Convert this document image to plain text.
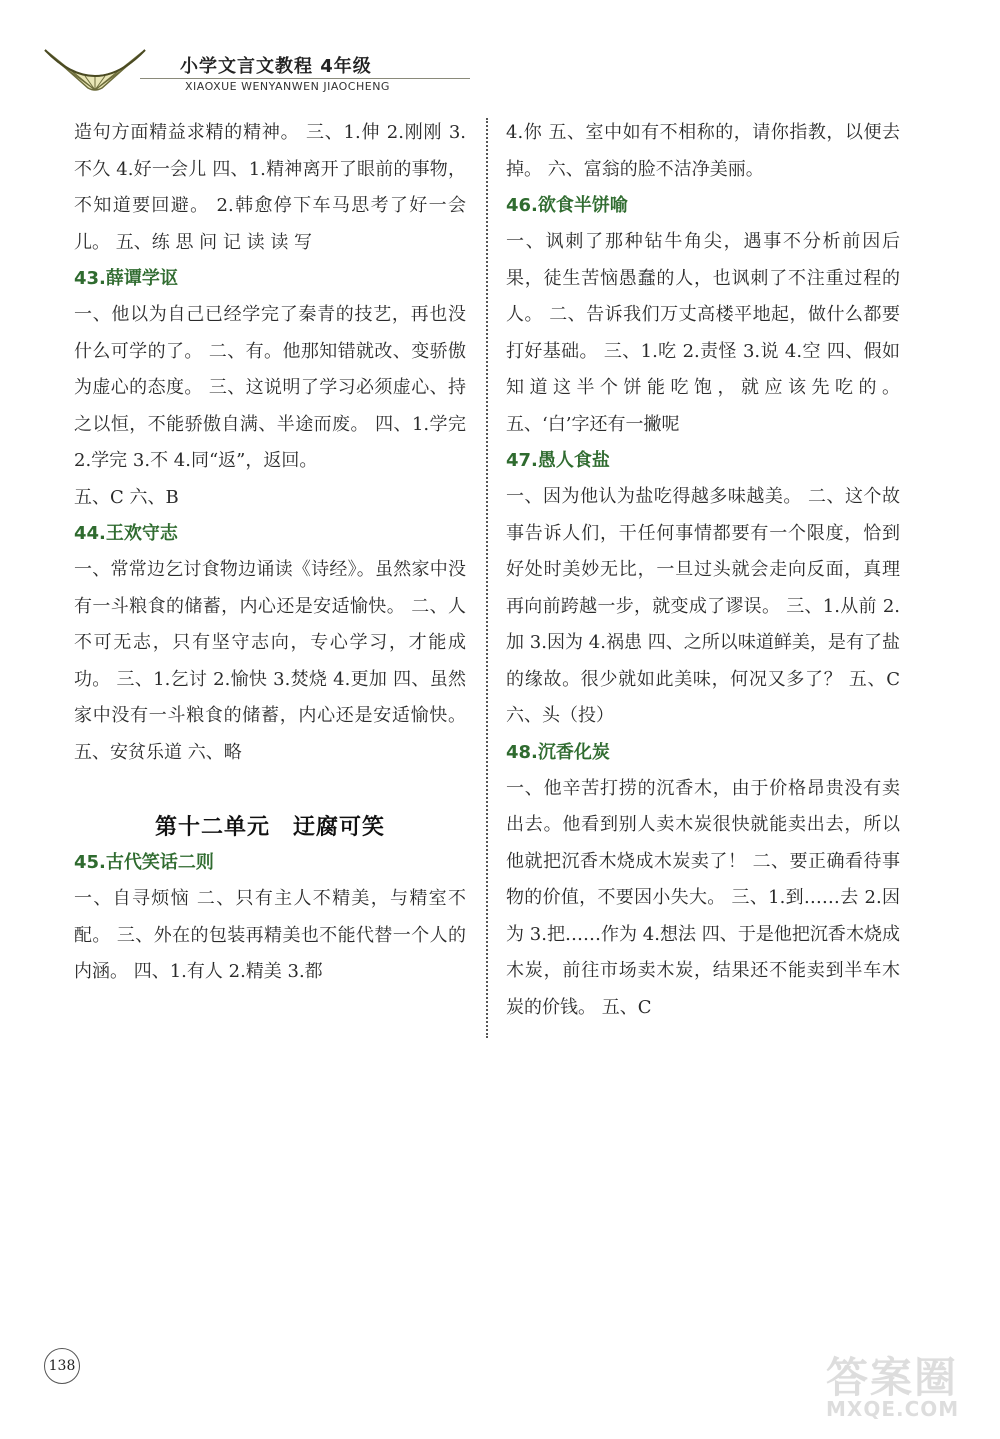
小学文言文教程 4年级
XIAOXUE WENYANWEN JIAOCHENG

造句方面精益求精的精神。 三、1.伸 2.刚刚 3.不久 4.好一会儿 四、1.精神离开了眼前的事物，不知道要回避。 2.韩愈停下车马思考了好一会儿。 五、练 思 问 记 读 读 写

43.薛谭学讴

一、他以为自己已经学完了秦青的技艺，再也没什么可学的了。 二、有。他那知错就改、变骄傲为虚心的态度。 三、这说明了学习必须虚心、持之以恒，不能骄傲自满、半途而废。 四、1.学完 2.学完 3.不 4.同“返”，返回。

五、C 六、B

44.王欢守志

一、常常边乞讨食物边诵读《诗经》。虽然家中没有一斗粮食的储蓄，内心还是安适愉快。 二、人不可无志，只有坚守志向，专心学习，才能成功。 三、1.乞讨 2.愉快 3.焚烧 4.更加 四、虽然家中没有一斗粮食的储蓄，内心还是安适愉快。 五、安贫乐道 六、略

第十二单元　迂腐可笑
45.古代笑话二则

一、自寻烦恼 二、只有主人不精美，与精室不配。 三、外在的包装再精美也不能代替一个人的内涵。 四、1.有人 2.精美 3.都

4.你 五、室中如有不相称的，请你指教，以便去掉。 六、富翁的脸不洁净美丽。

46.欲食半饼喻

一、讽刺了那种钻牛角尖，遇事不分析前因后果，徒生苦恼愚蠢的人，也讽刺了不注重过程的人。 二、告诉我们万丈高楼平地起，做什么都要打好基础。 三、1.吃 2.责怪 3.说 4.空 四、假如知道这半个饼能吃饱，就应该先吃的。 五、‘白’字还有一撇呢

47.愚人食盐

一、因为他认为盐吃得越多味越美。 二、这个故事告诉人们，干任何事情都要有一个限度，恰到好处时美妙无比，一旦过头就会走向反面，真理再向前跨越一步，就变成了谬误。 三、1.从前 2.加 3.因为 4.祸患 四、之所以味道鲜美，是有了盐的缘故。很少就如此美味，何况又多了？ 五、C 六、头（投）

48.沉香化炭

一、他辛苦打捞的沉香木，由于价格昂贵没有卖出去。他看到别人卖木炭很快就能卖出去，所以他就把沉香木烧成木炭卖了！ 二、要正确看待事物的价值，不要因小失大。 三、1.到……去 2.因为 3.把……作为 4.想法 四、于是他把沉香木烧成木炭，前往市场卖木炭，结果还不能卖到半车木炭的价钱。 五、C

138	答案圈
MXQE.COM
